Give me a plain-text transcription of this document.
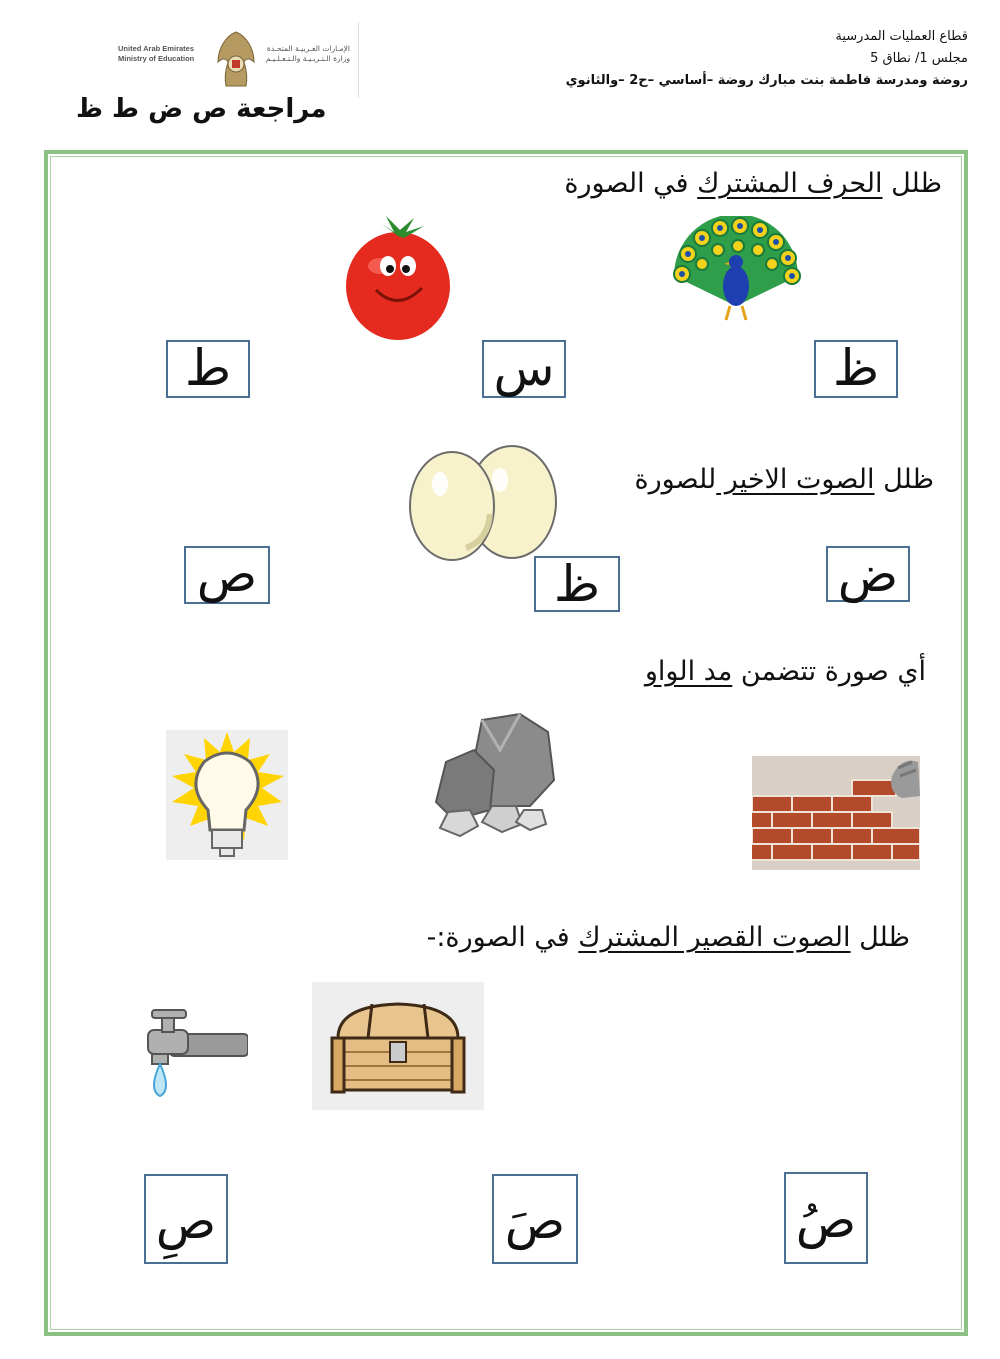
قطاع العمليات المدرسية
مجلس 1/ نطاق 5
روضة ومدرسة فاطمة بنت مبارك روضة –أساسي –ح2 –والثانوي
United Arab Emirates
Ministry of Education
الإمـارات العـربيـة المتحـدة
وزارة الـتـربـيـة والـتـعـلـيـم
مراجعة ص ض ط ظ
ظلل الحرف المشترك في الصورة
ظ
س
ط
ظلل الصوت الاخير للصورة
ض
ظ
ص
أي صورة تتضمن مد الواو
ظلل الصوت القصير المشترك في الصورة:-
صُ
صَ
صِ
